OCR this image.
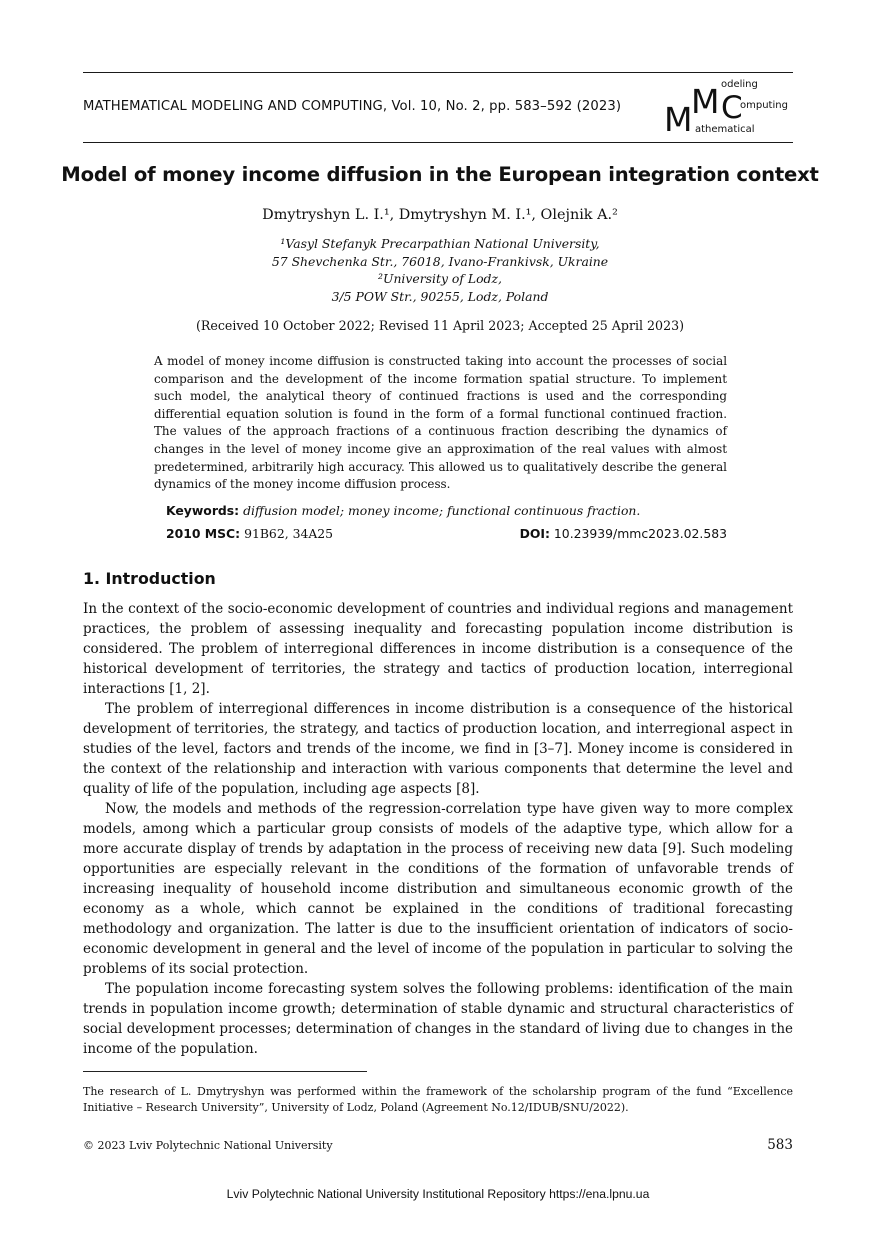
MATHEMATICAL MODELING AND COMPUTING, Vol. 10, No. 2, pp. 583–592 (2023) M
M odeling
C
omputing
athematical
Model of money income diffusion in the European integration context
Dmytryshyn L. I.¹, Dmytryshyn M. I.¹, Olejnik A.²
¹Vasyl Stefanyk Precarpathian National University,
57 Shevchenka Str., 76018, Ivano-Frankivsk, Ukraine
²University of Lodz,
3/5 POW Str., 90255, Lodz, Poland
(Received 10 October 2022; Revised 11 April 2023; Accepted 25 April 2023)

A model of money income diffusion is constructed taking into account the processes of social comparison and the development of the income formation spatial structure. To implement such model, the analytical theory of continued fractions is used and the corresponding differential equation solution is found in the form of a formal functional continued fraction. The values of the approach fractions of a continuous fraction describing the dynamics of changes in the level of money income give an approximation of the real values with almost predetermined, arbitrarily high accuracy. This allowed us to qualitatively describe the general dynamics of the money income diffusion process.

Keywords: diffusion model; money income; functional continuous fraction.
2010 MSC: 91B62, 34A25	DOI: 10.23939/mmc2023.02.583
1. Introduction

In the context of the socio-economic development of countries and individual regions and management practices, the problem of assessing inequality and forecasting population income distribution is considered. The problem of interregional differences in income distribution is a consequence of the historical development of territories, the strategy and tactics of production location, interregional interactions [1, 2].

The problem of interregional differences in income distribution is a consequence of the historical development of territories, the strategy, and tactics of production location, and interregional aspect in studies of the level, factors and trends of the income, we find in [3–7]. Money income is considered in the context of the relationship and interaction with various components that determine the level and quality of life of the population, including age aspects [8].

Now, the models and methods of the regression-correlation type have given way to more complex models, among which a particular group consists of models of the adaptive type, which allow for a more accurate display of trends by adaptation in the process of receiving new data [9]. Such modeling opportunities are especially relevant in the conditions of the formation of unfavorable trends of increasing inequality of household income distribution and simultaneous economic growth of the economy as a whole, which cannot be explained in the conditions of traditional forecasting methodology and organization. The latter is due to the insufficient orientation of indicators of socio-economic development in general and the level of income of the population in particular to solving the problems of its social protection.

The population income forecasting system solves the following problems: identification of the main trends in population income growth; determination of stable dynamic and structural characteristics of social development processes; determination of changes in the standard of living due to changes in the income of the population.

The research of L. Dmytryshyn was performed within the framework of the scholarship program of the fund “Excellence Initiative – Research University”, University of Lodz, Poland (Agreement No.12/IDUB/SNU/2022).

© 2023 Lviv Polytechnic National University	583
Lviv Polytechnic National University Institutional Repository https://ena.lpnu.ua
